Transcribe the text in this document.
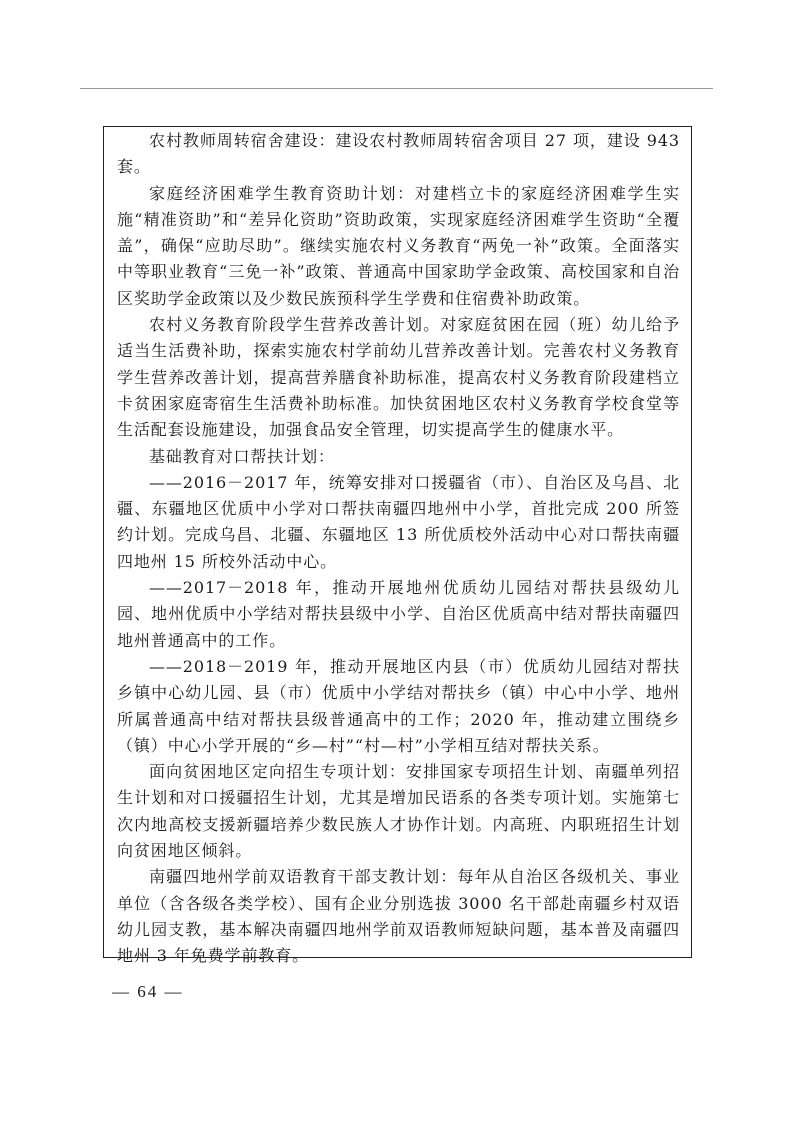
农村教师周转宿舍建设：建设农村教师周转宿舍项目 27 项，建设 943 套。

家庭经济困难学生教育资助计划：对建档立卡的家庭经济困难学生实施“精准资助”和“差异化资助”资助政策，实现家庭经济困难学生资助“全覆盖”，确保“应助尽助”。继续实施农村义务教育“两免一补”政策。全面落实中等职业教育“三免一补”政策、普通高中国家助学金政策、高校国家和自治区奖助学金政策以及少数民族预科学生学费和住宿费补助政策。

农村义务教育阶段学生营养改善计划。对家庭贫困在园（班）幼儿给予适当生活费补助，探索实施农村学前幼儿营养改善计划。完善农村义务教育学生营养改善计划，提高营养膳食补助标准，提高农村义务教育阶段建档立卡贫困家庭寄宿生生活费补助标准。加快贫困地区农村义务教育学校食堂等生活配套设施建设，加强食品安全管理，切实提高学生的健康水平。

基础教育对口帮扶计划：

——2016－2017 年，统筹安排对口援疆省（市）、自治区及乌昌、北疆、东疆地区优质中小学对口帮扶南疆四地州中小学，首批完成 200 所签约计划。完成乌昌、北疆、东疆地区 13 所优质校外活动中心对口帮扶南疆四地州 15 所校外活动中心。

——2017－2018 年，推动开展地州优质幼儿园结对帮扶县级幼儿园、地州优质中小学结对帮扶县级中小学、自治区优质高中结对帮扶南疆四地州普通高中的工作。

——2018－2019 年，推动开展地区内县（市）优质幼儿园结对帮扶乡镇中心幼儿园、县（市）优质中小学结对帮扶乡（镇）中心中小学、地州所属普通高中结对帮扶县级普通高中的工作；2020 年，推动建立围绕乡（镇）中心小学开展的“乡—村”“村—村”小学相互结对帮扶关系。

面向贫困地区定向招生专项计划：安排国家专项招生计划、南疆单列招生计划和对口援疆招生计划，尤其是增加民语系的各类专项计划。实施第七次内地高校支援新疆培养少数民族人才协作计划。内高班、内职班招生计划向贫困地区倾斜。

南疆四地州学前双语教育干部支教计划：每年从自治区各级机关、事业单位（含各级各类学校）、国有企业分别选拔 3000 名干部赴南疆乡村双语幼儿园支教，基本解决南疆四地州学前双语教师短缺问题，基本普及南疆四地州 3 年免费学前教育。

— 64 —
